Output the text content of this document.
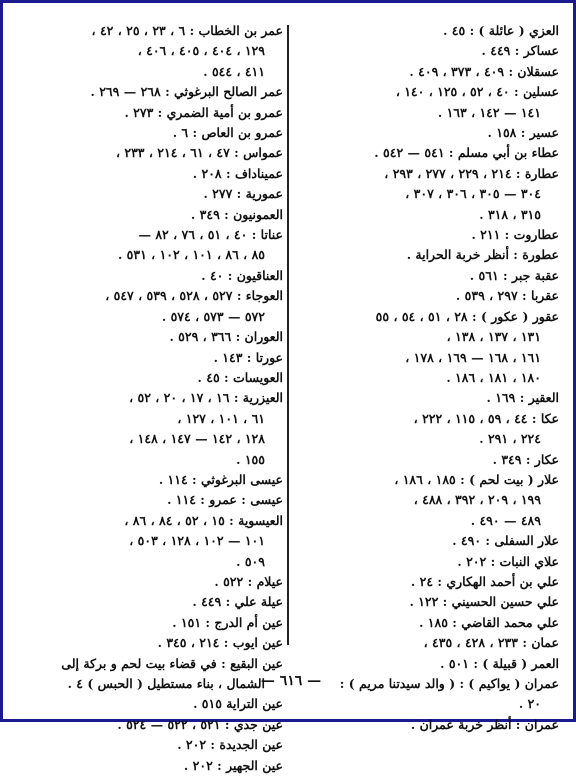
العزي ( عائلة ) : ٤٥ .
عساكر : ٤٤٩ .
عسقلان : ٤٠٩ ، ٣٧٣ ، ٤٠٩ .
عسلين : ٤٠ ، ٥٢ ، ١٢٥ ، ١٤٠ ،

١٤١ — ١٤٢ ، ١٦٣ .
عسير : ١٥٨ .
عطاء بن أبي مسلم : ٥٤١ — ٥٤٢ .
عطارة : ٢١٤ ، ٢٢٩ ، ٢٧٧ ، ٢٩٣ ،

٣٠٤ — ٣٠٥ ، ٣٠٦ ، ٣٠٧ ،
٣١٥ ، ٣١٨ .
عطاروت : ٢١١ .
عطورة : أنظر خربة الحراية .
عقبة جبر : ٥٦١ .
عقربا : ٢٩٧ ، ٥٣٩ .
عقور ( عكور ) : ٢٨ ، ٥١ ، ٥٤ ، ٥٥

١٣١ ، ١٣٧ ، ١٣٨ ،
١٦١ ، ١٦٨ — ١٦٩ ، ١٧٨ ،
١٨٠ ، ١٨١ ، ١٨٦ .
العقير : ١٦٩ .
عكا : ٤٤ ، ٥٩ ، ١١٥ ، ٢٢٢ ،

٢٢٤ ، ٢٩١ .
عكار : ٣٤٩ .
علار ( بيت لحم ) : ١٨٥ ، ١٨٦ ،

١٩٩ ، ٢٠٩ ، ٣٩٢ ، ٤٨٨ ،
٤٨٩ — ٤٩٠ .
علار السفلى : ٤٩٠ .
علاي النبات : ٢٠٢ .
علي بن أحمد الهكاري : ٢٤ .
علي حسين الحسيني : ١٢٢ .
علي محمد القاضي : ١٨٥ .
عمان : ٢٣٣ ، ٤٢٨ ، ٤٣٥ ،
العمر ( قبيلة ) : ٥٠١ .
عمران ( يواكيم ) : ( والد سيدتنا مريم ) :

٢٠ .
عمران : أنظر خربة عمران .
عمر بن الخطاب : ٦ ، ٢٣ ، ٢٥ ، ٤٢ ،

١٢٩ ، ٤٠٤ ، ٤٠٥ ، ٤٠٦ ،
٤١١ ، ٥٤٤ .
عمر الصالح البرغوثي : ٢٦٨ — ٢٦٩ .
عمرو بن أمية الضمري : ٢٧٣ .
عمرو بن العاص : ٦ .
عمواس : ٤٧ ، ٦١ ، ٢١٤ ، ٢٣٣ ،
عميناداف : ٢٠٨ .
عمورية : ٢٧٧ .
العمونيون : ٣٤٩ .
عناتا : ٤٠ ، ٥١ ، ٧٦ ، ٨٢ —

٨٥ ، ٨٦ ، ١٠١ ، ١٠٢ ، ٥٣١ .
العناقيون : ٤٠ .
العوجاء : ٥٢٧ ، ٥٢٨ ، ٥٣٩ ، ٥٤٧ ،

٥٧٢ — ٥٧٣ ، ٥٧٤ .
العوران : ٣٦٦ ، ٥٢٩ .
عورتا : ١٤٣ .
العويسات : ٤٥ .
العيزرية : ١٦ ، ١٧ ، ٢٠ ، ٥٢ ،

٦١ ، ١٠١ ، ١٢٧ ،
١٢٨ ، ١٤٢ — ١٤٧ ، ١٤٨ ،
١٥٥ .
عيسى البرغوثي : ١١٤ .
عيسى : عمرو : ١١٤ .
العيسوية : ١٥ ، ٥٢ ، ٨٤ ، ٨٦ ،

١٠١ — ١٠٢ ، ١٢٨ ، ٥٠٣ ،
٥٠٩ .
عيلام : ٥٢٢ .
عيلة علي : ٤٤٩ .
عين أم الدرج : ١٥١ .
عين ايوب : ٢١٤ ، ٣٤٥ .
عين البقيع : في قضاء بيت لحم و بركة إلى

الشمال ، بناء مستطيل ( الحبس ) ٤ .
عين التراية ٥١٥ .
عين جدي : ٥٢١ ، ٥٢٢ — ٥٢٤ .
عين الجديدة : ٢٠٢ .
عين الجهير : ٢٠٢ .
— ٦١٦ —
